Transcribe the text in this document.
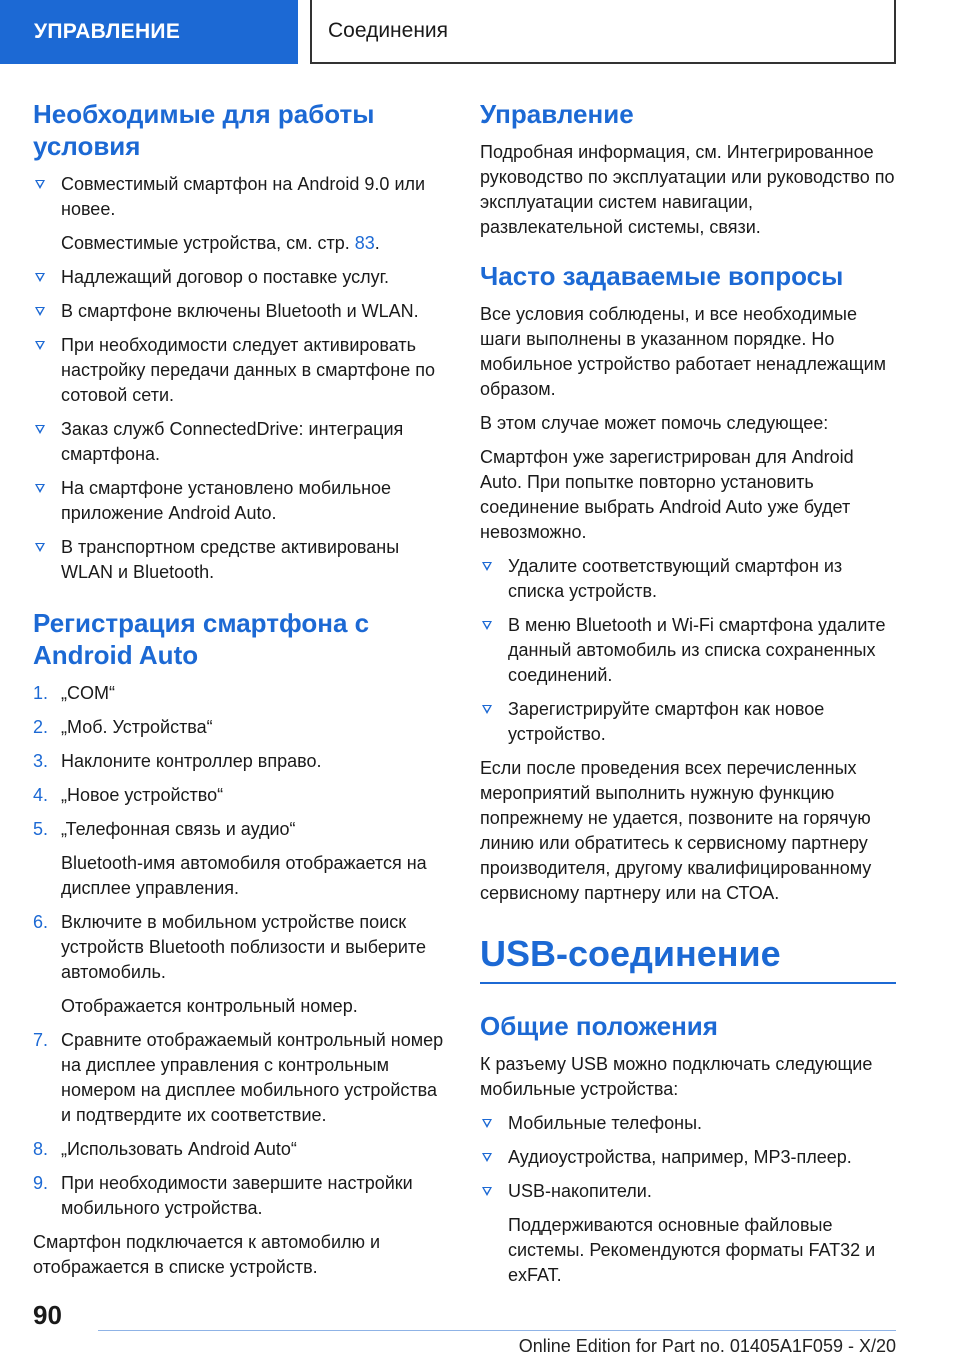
УПРАВЛЕНИЕ	Соединения
Необходимые для работы условия
Совместимый смартфон на Android 9.0 или новее.
Совместимые устройства, см. стр. 83.
Надлежащий договор о поставке услуг.
В смартфоне включены Bluetooth и WLAN.
При необходимости следует активировать настройку передачи данных в смартфоне по сотовой сети.
Заказ служб ConnectedDrive: интеграция смартфона.
На смартфоне установлено мобильное приложение Android Auto.
В транспортном средстве активированы WLAN и Bluetooth.
Регистрация смартфона с Android Auto
1. „COM“
2. „Моб. Устройства“
3. Наклоните контроллер вправо.
4. „Новое устройство“
5. „Телефонная связь и аудио“
Bluetooth-имя автомобиля отображается на дисплее управления.
6. Включите в мобильном устройстве поиск устройств Bluetooth поблизости и выберите автомобиль.
Отображается контрольный номер.
7. Сравните отображаемый контрольный номер на дисплее управления с контрольным номером на дисплее мобильного устройства и подтвердите их соответствие.
8. „Использовать Android Auto“
9. При необходимости завершите настройки мобильного устройства.

Смартфон подключается к автомобилю и отображается в списке устройств.

Управление

Подробная информация, см. Интегрированное руководство по эксплуатации или руководство по эксплуатации систем навигации, развлекательной системы, связи.

Часто задаваемые вопросы

Все условия соблюдены, и все необходимые шаги выполнены в указанном порядке. Но мобильное устройство работает ненадлежащим образом.

В этом случае может помочь следующее:

Смартфон уже зарегистрирован для Android Auto. При попытке повторно установить соединение выбрать Android Auto уже будет невозможно.

Удалите соответствующий смартфон из списка устройств.
В меню Bluetooth и Wi-Fi смартфона удалите данный автомобиль из списка сохраненных соединений.
Зарегистрируйте смартфон как новое устройство.

Если после проведения всех перечисленных мероприятий выполнить нужную функцию попрежнему не удается, позвоните на горячую линию или обратитесь к сервисному партнеру производителя, другому квалифицированному сервисному партнеру или на СТОА.

USB-соединение
Общие положения

К разъему USB можно подключать следующие мобильные устройства:

Мобильные телефоны.
Аудиоустройства, например, MP3-плеер.
USB-накопители.
Поддерживаются основные файловые системы. Рекомендуются форматы FAT32 и exFAT.
90
Online Edition for Part no. 01405A1F059 - X/20
